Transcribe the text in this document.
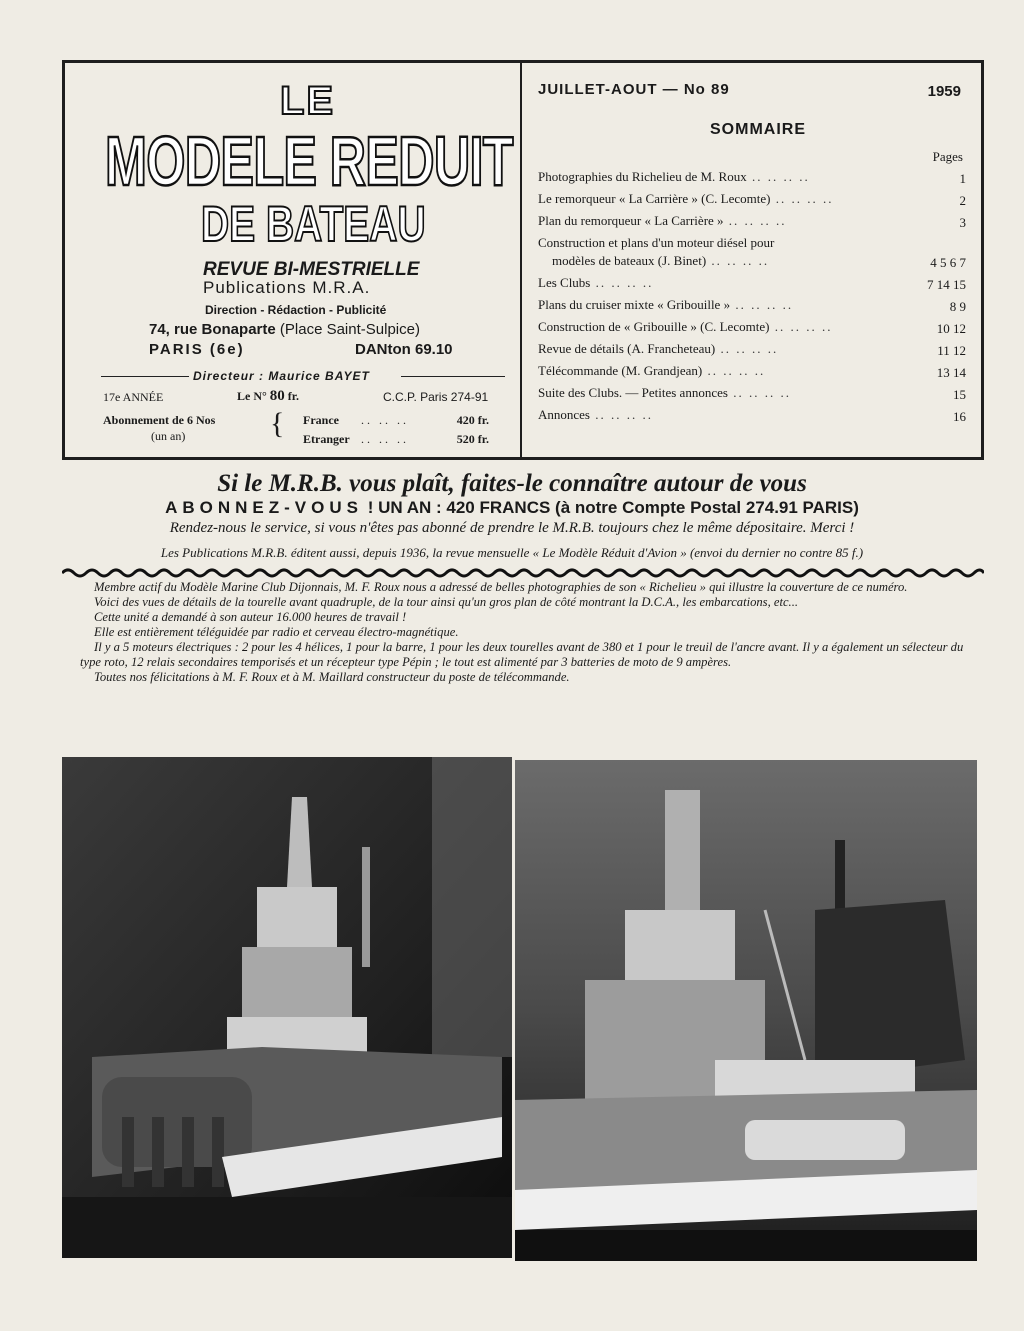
LE
MODELE REDUIT
DE BATEAU
REVUE BI-MESTRIELLE
Publications M.R.A.
Direction - Rédaction - Publicité
74, rue Bonaparte (Place Saint-Sulpice)
PARIS (6e)	DANton 69.10
Directeur : Maurice BAYET
17e ANNÉE	Le N° 80 fr.	C.C.P. Paris 274-91
Abonnement de 6 Nos
(un an)	{ France .. .. ..	420 fr.
Etranger .. .. ..	520 fr.
JUILLET-AOUT — No 89	1959
SOMMAIRE
Pages
Photographies du Richelieu de M. Roux .. .. .. ..	1
Le remorqueur « La Carrière » (C. Lecomte) .. .. .. ..	2
Plan du remorqueur « La Carrière » .. .. .. ..	3
Construction et plans d'un moteur diésel pour
modèles de bateaux (J. Binet) .. .. .. ..	4 5 6 7
Les Clubs .. .. .. ..	7 14 15
Plans du cruiser mixte « Gribouille » .. .. .. ..	8 9
Construction de « Gribouille » (C. Lecomte) .. .. .. ..	10 12
Revue de détails (A. Francheteau) .. .. .. ..	11 12
Télécommande (M. Grandjean) .. .. .. ..	13 14
Suite des Clubs. — Petites annonces .. .. .. ..	15
Annonces .. .. .. ..	16
Si le M.R.B. vous plaît, faites-le connaître autour de vous
ABONNEZ-VOUS ! UN AN : 420 FRANCS (à notre Compte Postal 274.91 PARIS)
Rendez-nous le service, si vous n'êtes pas abonné de prendre le M.R.B. toujours chez le même dépositaire. Merci !
Les Publications M.R.B. éditent aussi, depuis 1936, la revue mensuelle « Le Modèle Réduit d'Avion » (envoi du dernier no contre 85 f.)

Membre actif du Modèle Marine Club Dijonnais, M. F. Roux nous a adressé de belles photographies de son « Richelieu » qui illustre la couverture de ce numéro.

Voici des vues de détails de la tourelle avant quadruple, de la tour ainsi qu'un gros plan de côté montrant la D.C.A., les embarcations, etc...

Cette unité a demandé à son auteur 16.000 heures de travail !

Elle est entièrement téléguidée par radio et cerveau électro-magnétique.

Il y a 5 moteurs électriques : 2 pour les 4 hélices, 1 pour la barre, 1 pour les deux tourelles avant de 380 et 1 pour le treuil de l'ancre avant. Il y a également un sélecteur du type roto, 12 relais secondaires temporisés et un récepteur type Pépin ; le tout est alimenté par 3 batteries de moto de 9 ampères.

Toutes nos félicitations à M. F. Roux et à M. Maillard constructeur du poste de télécommande.
